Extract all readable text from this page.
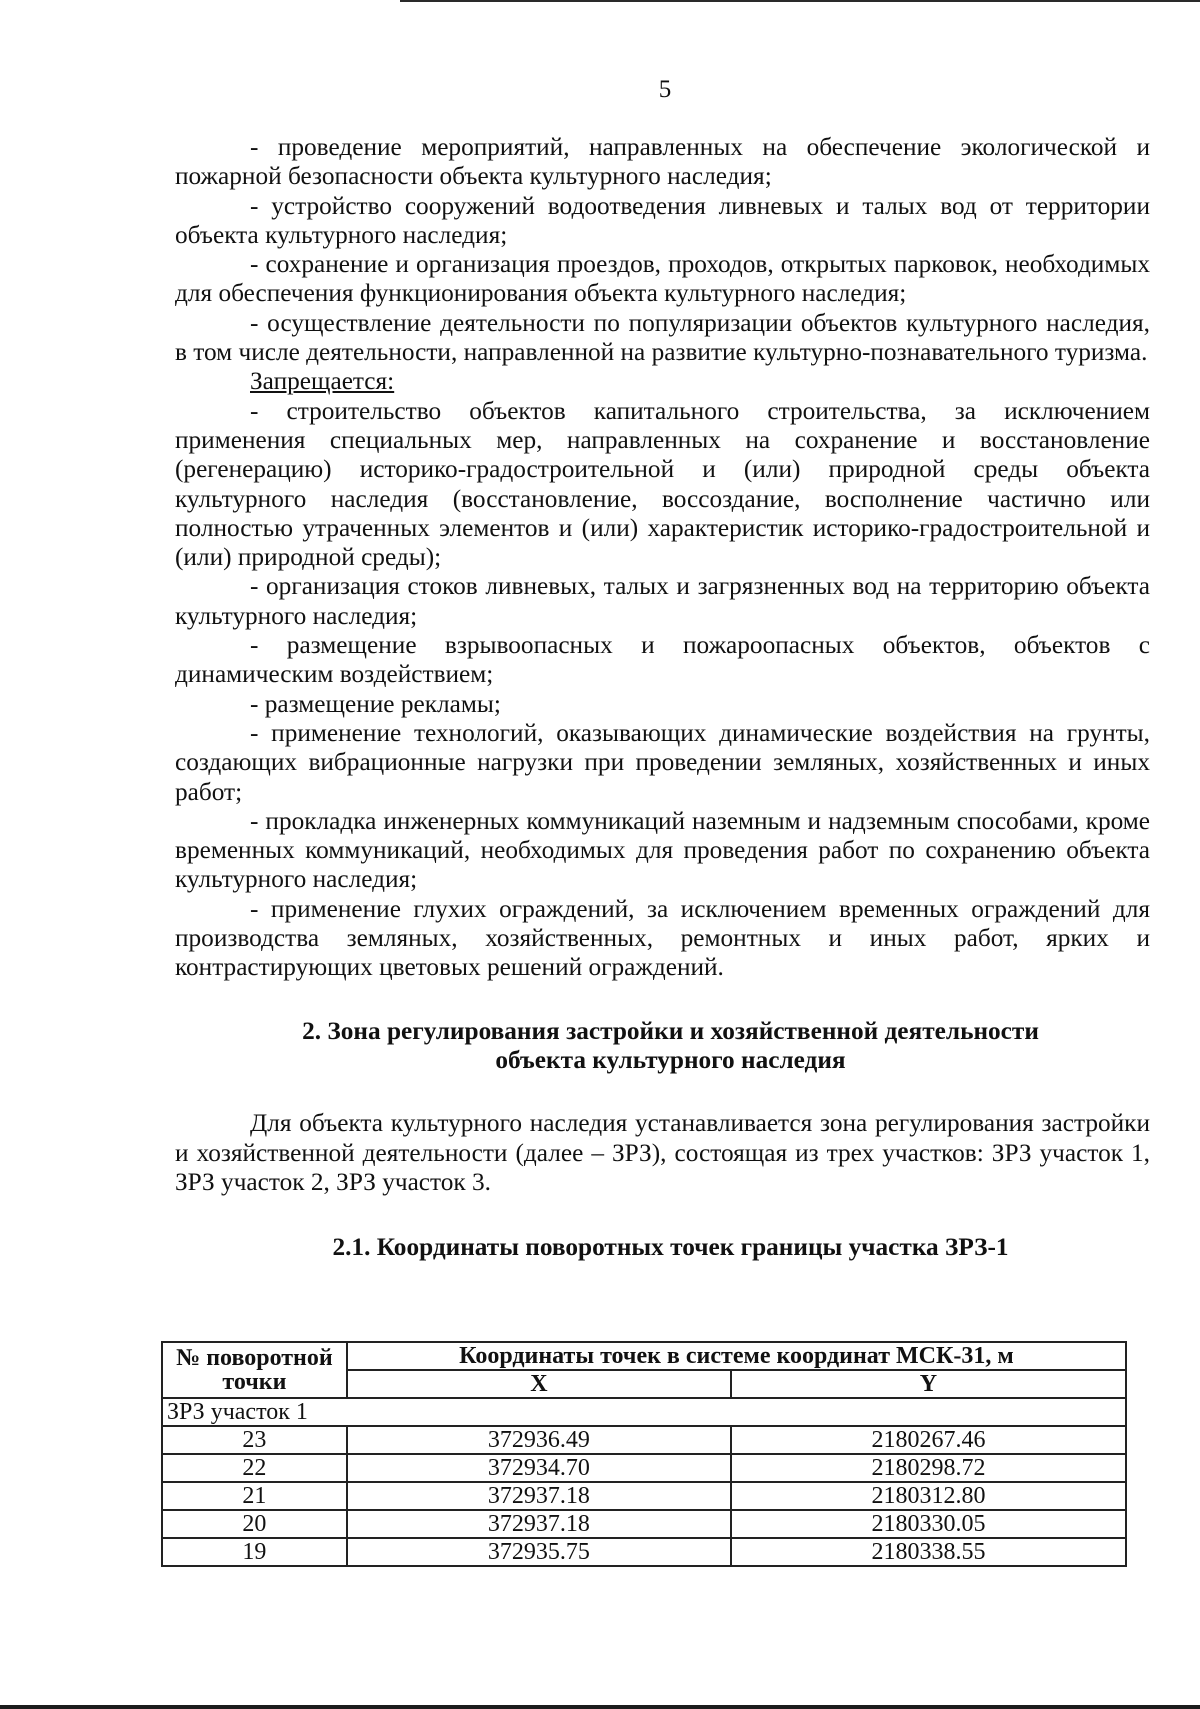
5

- проведение мероприятий, направленных на обеспечение экологической и пожарной безопасности объекта культурного наследия;

- устройство сооружений водоотведения ливневых и талых вод от территории объекта культурного наследия;

- сохранение и организация проездов, проходов, открытых парковок, необходимых для обеспечения функционирования объекта культурного наследия;

- осуществление деятельности по популяризации объектов культурного наследия, в том числе деятельности, направленной на развитие культурно-познавательного туризма.

Запрещается:

- строительство объектов капитального строительства, за исключением применения специальных мер, направленных на сохранение и восстановление (регенерацию) историко-градостроительной и (или) природной среды объекта культурного наследия (восстановление, воссоздание, восполнение частично или полностью утраченных элементов и (или) характеристик историко-градостроительной и (или) природной среды);

- организация стоков ливневых, талых и загрязненных вод на территорию объекта культурного наследия;

- размещение взрывоопасных и пожароопасных объектов, объектов с динамическим воздействием;

- размещение рекламы;

- применение технологий, оказывающих динамические воздействия на грунты, создающих вибрационные нагрузки при проведении земляных, хозяйственных и иных работ;

- прокладка инженерных коммуникаций наземным и надземным способами, кроме временных коммуникаций, необходимых для проведения работ по сохранению объекта культурного наследия;

- применение глухих ограждений, за исключением временных ограждений для производства земляных, хозяйственных, ремонтных и иных работ, ярких и контрастирующих цветовых решений ограждений.

2. Зона регулирования застройки и хозяйственной деятельности
объекта культурного наследия

Для объекта культурного наследия устанавливается зона регулирования застройки и хозяйственной деятельности (далее – ЗРЗ), состоящая из трех участков: ЗРЗ участок 1, ЗРЗ участок 2, ЗРЗ участок 3.

2.1. Координаты поворотных точек границы участка ЗРЗ-1
№ поворотной точки	Координаты точек в системе координат МСК-31, м	
	X	Y
ЗРЗ участок 1		
23	372936.49	2180267.46
22	372934.70	2180298.72
21	372937.18	2180312.80
20	372937.18	2180330.05
19	372935.75	2180338.55
